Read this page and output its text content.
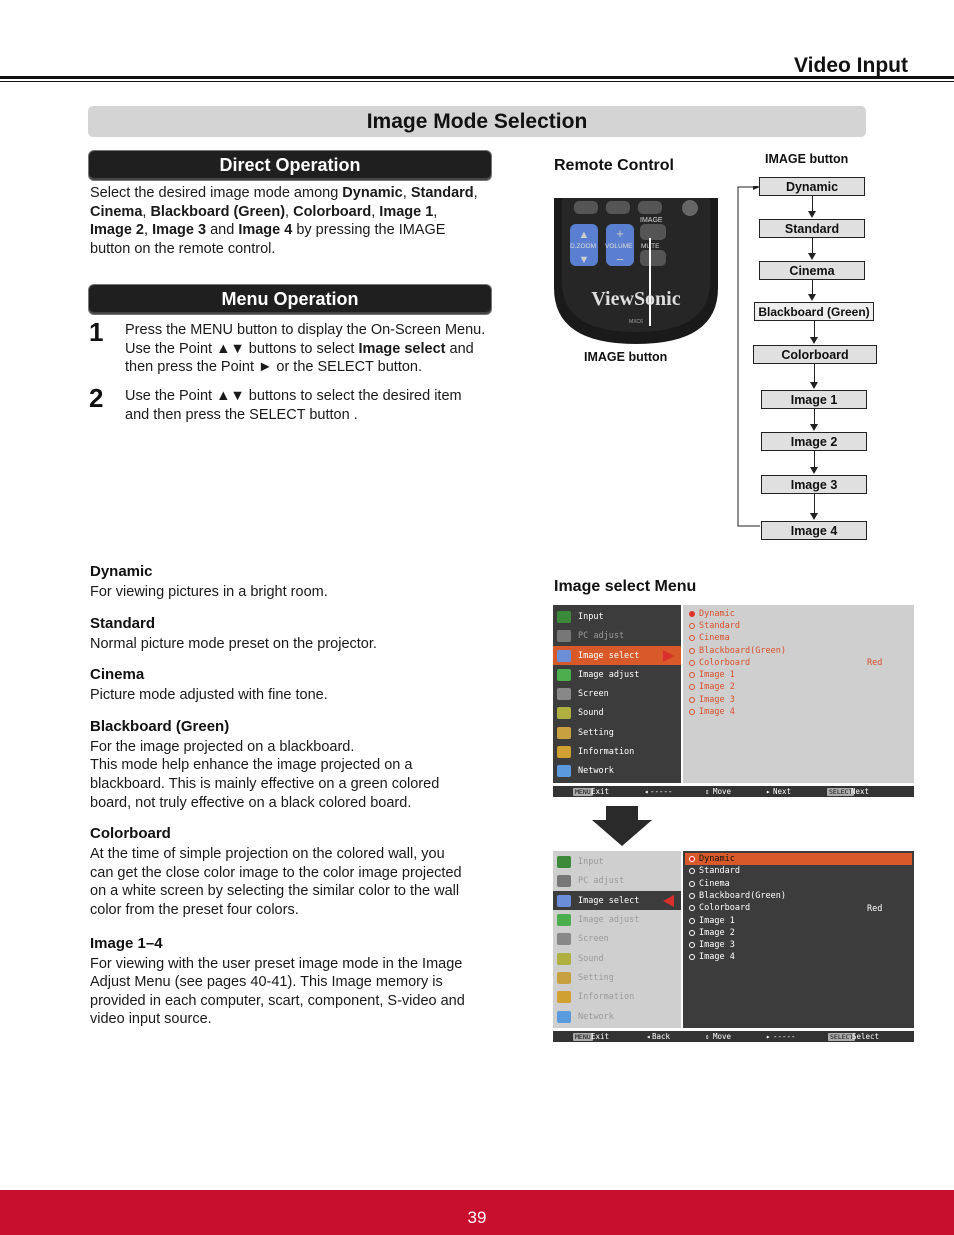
Video Input
Image Mode Selection
Direct Operation
Select the desired image mode among Dynamic, Standard,
Cinema, Blackboard (Green), Colorboard, Image 1,
Image 2, Image 3 and Image 4 by pressing the IMAGE
button on the remote control.
Menu Operation
1 Press the MENU button to display the On-Screen Menu.
Use the Point ▲▼ buttons to select Image select and
then press the Point ► or the SELECT button.
2 Use the Point ▲▼ buttons to select the desired item
and then press the SELECT button .
Remote Control	IMAGE button
▲
▼
+
−
IMAGE
D.ZOOM VOLUME MUTE
ViewSonic
MXC6
IMAGE button
Dynamic
Standard
Cinema
Blackboard (Green)
Colorboard
Image 1
Image 2
Image 3
Image 4
Dynamic
For viewing pictures in a bright room.
Standard
Normal picture mode preset on the projector.
Cinema
Picture mode adjusted with fine tone.
Blackboard (Green)
For the image projected on a blackboard.
This mode help enhance the image projected on a
blackboard. This is mainly effective on a green colored
board, not truly effective on a black colored board.
Colorboard
At the time of simple projection on the colored wall, you
can get the close color image to the color image projected
on a white screen by selecting the similar color to the wall
color from the preset four colors.
Image 1–4
For viewing with the user preset image mode in the Image
Adjust Menu (see pages 40-41). This Image memory is
provided in each computer, scart, component, S-video and
video input source.
Image select Menu
Input
PC adjust
Image select
Image adjust
Screen
Sound
Setting
Information
Network
Dynamic
Standard
Cinema
Blackboard(Green)
Colorboard
Image 1
Image 2
Image 3
Image 4
Red
MENU Exit	◂ -----	⇕ Move	▸ Next	SELECT
Next
Input
PC adjust
Image select
Image adjust
Screen
Sound
Setting
Information
Network
Dynamic
Standard
Cinema
Blackboard(Green)
Colorboard
Image 1
Image 2
Image 3
Image 4
Red
MENU Exit	◂ Back	⇕ Move	▸ -----	SELECT
Select
39
